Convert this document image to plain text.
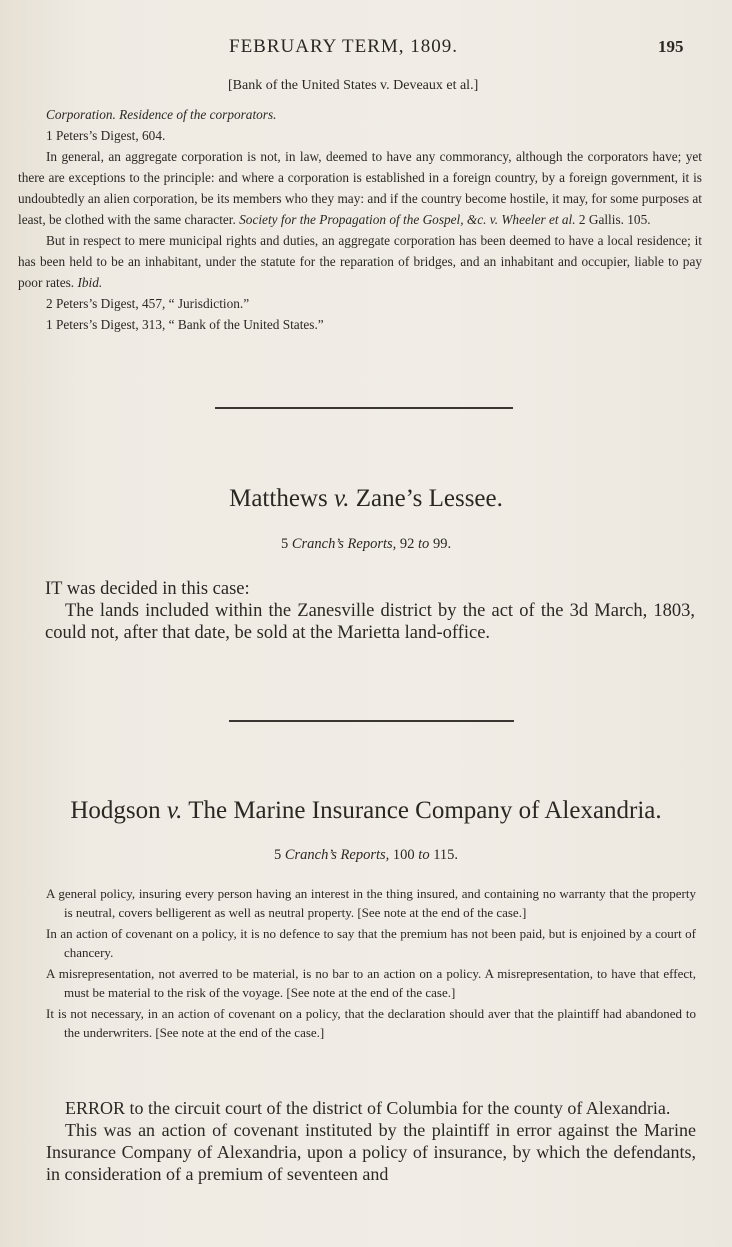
FEBRUARY TERM, 1809.	195
[Bank of the United States v. Deveaux et al.]

Corporation. Residence of the corporators.

1 Peters’s Digest, 604.

In general, an aggregate corporation is not, in law, deemed to have any commorancy, although the corporators have; yet there are exceptions to the principle: and where a corporation is established in a foreign country, by a foreign government, it is undoubtedly an alien corporation, be its members who they may: and if the country become hostile, it may, for some purposes at least, be clothed with the same character. Society for the Propagation of the Gospel, &c. v. Wheeler et al. 2 Gallis. 105.

But in respect to mere municipal rights and duties, an aggregate corporation has been deemed to have a local residence; it has been held to be an inhabitant, under the statute for the reparation of bridges, and an inhabitant and occupier, liable to pay poor rates. Ibid.

2 Peters’s Digest, 457, “ Jurisdiction.”

1 Peters’s Digest, 313, “ Bank of the United States.”

Matthews v. Zane’s Lessee.
5 Cranch’s Reports, 92 to 99.

IT was decided in this case:

The lands included within the Zanesville district by the act of the 3d March, 1803, could not, after that date, be sold at the Marietta land-office.

Hodgson v. The Marine Insurance Company of Alexandria.
5 Cranch’s Reports, 100 to 115.

A general policy, insuring every person having an interest in the thing insured, and containing no warranty that the property is neutral, covers belligerent as well as neutral property. [See note at the end of the case.]

In an action of covenant on a policy, it is no defence to say that the premium has not been paid, but is enjoined by a court of chancery.

A misrepresentation, not averred to be material, is no bar to an action on a policy. A misrepresentation, to have that effect, must be material to the risk of the voyage. [See note at the end of the case.]

It is not necessary, in an action of covenant on a policy, that the declaration should aver that the plaintiff had abandoned to the underwriters. [See note at the end of the case.]

ERROR to the circuit court of the district of Columbia for the county of Alexandria.

This was an action of covenant instituted by the plaintiff in error against the Marine Insurance Company of Alexandria, upon a policy of insurance, by which the defendants, in consideration of a premium of seventeen and
